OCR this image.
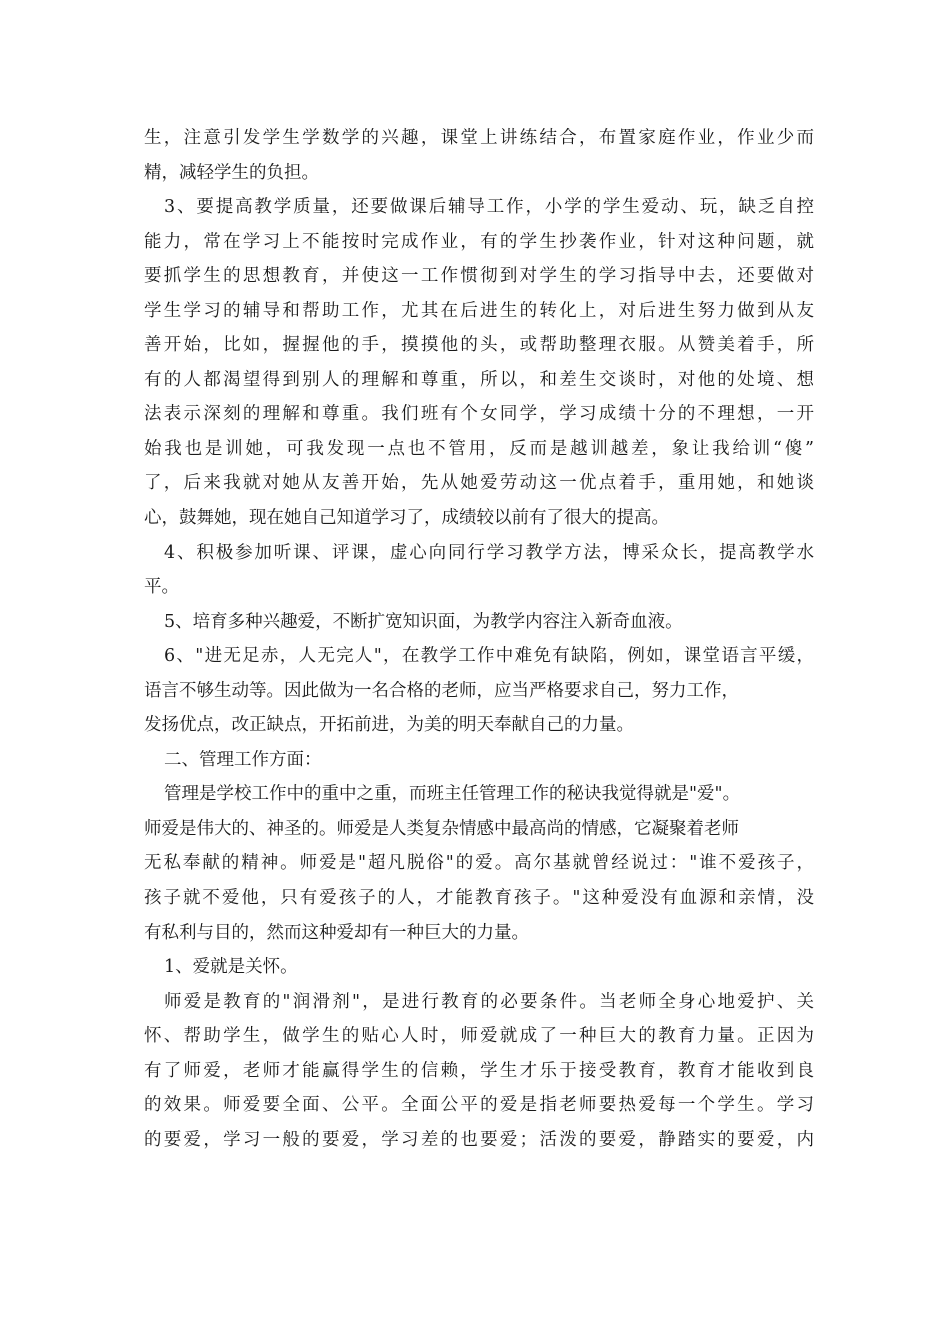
生，注意引发学生学数学的兴趣，课堂上讲练结合，布置家庭作业，作业少而
精，减轻学生的负担。
3、要提高教学质量，还要做课后辅导工作，小学的学生爱动、玩，缺乏自控
能力，常在学习上不能按时完成作业，有的学生抄袭作业，针对这种问题，就
要抓学生的思想教育，并使这一工作惯彻到对学生的学习指导中去，还要做对
学生学习的辅导和帮助工作，尤其在后进生的转化上，对后进生努力做到从友
善开始，比如，握握他的手，摸摸他的头，或帮助整理衣服。从赞美着手，所
有的人都渴望得到别人的理解和尊重，所以，和差生交谈时，对他的处境、想
法表示深刻的理解和尊重。我们班有个女同学，学习成绩十分的不理想，一开
始我也是训她，可我发现一点也不管用，反而是越训越差，象让我给训“傻”
了，后来我就对她从友善开始，先从她爱劳动这一优点着手，重用她，和她谈
心，鼓舞她，现在她自己知道学习了，成绩较以前有了很大的提高。
4、积极参加听课、评课，虚心向同行学习教学方法，博采众长，提高教学水
平。
5、培育多种兴趣爱，不断扩宽知识面，为教学内容注入新奇血液。
6、"进无足赤，人无完人"，在教学工作中难免有缺陷，例如，课堂语言平缓，
语言不够生动等。因此做为一名合格的老师，应当严格要求自己，努力工作，
发扬优点，改正缺点，开拓前进，为美的明天奉献自己的力量。
二、管理工作方面：
管理是学校工作中的重中之重，而班主任管理工作的秘诀我觉得就是"爱"。
师爱是伟大的、神圣的。师爱是人类复杂情感中最高尚的情感，它凝聚着老师
无私奉献的精神。师爱是"超凡脱俗"的爱。高尔基就曾经说过："谁不爱孩子，
孩子就不爱他，只有爱孩子的人，才能教育孩子。"这种爱没有血源和亲情，没
有私利与目的，然而这种爱却有一种巨大的力量。
1、爱就是关怀。
师爱是教育的"润滑剂"，是进行教育的必要条件。当老师全身心地爱护、关
怀、帮助学生，做学生的贴心人时，师爱就成了一种巨大的教育力量。正因为
有了师爱，老师才能赢得学生的信赖，学生才乐于接受教育，教育才能收到良
的效果。师爱要全面、公平。全面公平的爱是指老师要热爱每一个学生。学习
的要爱，学习一般的要爱，学习差的也要爱；活泼的要爱，静踏实的要爱，内
